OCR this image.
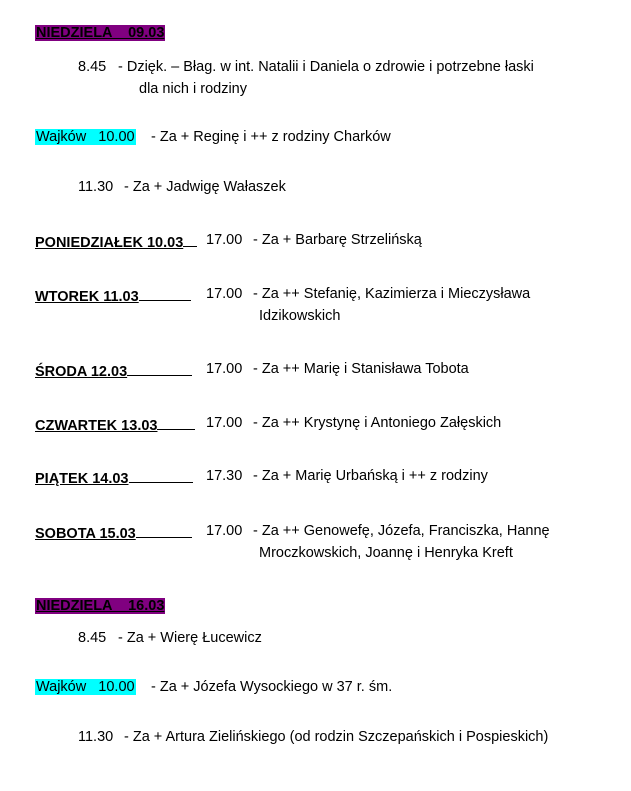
NIEDZIELA    09.03
8.45 - Dzięk. – Błag. w int. Natalii i Daniela o zdrowie i potrzebne łaski
dla nich i rodziny
Wajków   10.00 - Za + Reginę i ++ z rodziny Charków
11.30 - Za + Jadwigę Wałaszek
PONIEDZIAŁEK 10.03	17.00 - Za + Barbarę Strzelińską
WTOREK 11.03	17.00 - Za ++ Stefanię, Kazimierza i Mieczysława
Idzikowskich
ŚRODA 12.03	17.00 - Za ++ Marię i Stanisława Tobota
CZWARTEK 13.03	17.00 - Za ++ Krystynę i Antoniego Załęskich
PIĄTEK 14.03	17.30 - Za + Marię Urbańską i ++ z rodziny
SOBOTA 15.03	17.00 - Za ++ Genowefę, Józefa, Franciszka, Hannę
Mroczkowskich, Joannę i Henryka Kreft
NIEDZIELA    16.03
8.45 - Za + Wierę Łucewicz
Wajków   10.00 - Za + Józefa Wysockiego w 37 r. śm.
11.30 - Za + Artura Zielińskiego (od rodzin Szczepańskich i Pospieskich)
